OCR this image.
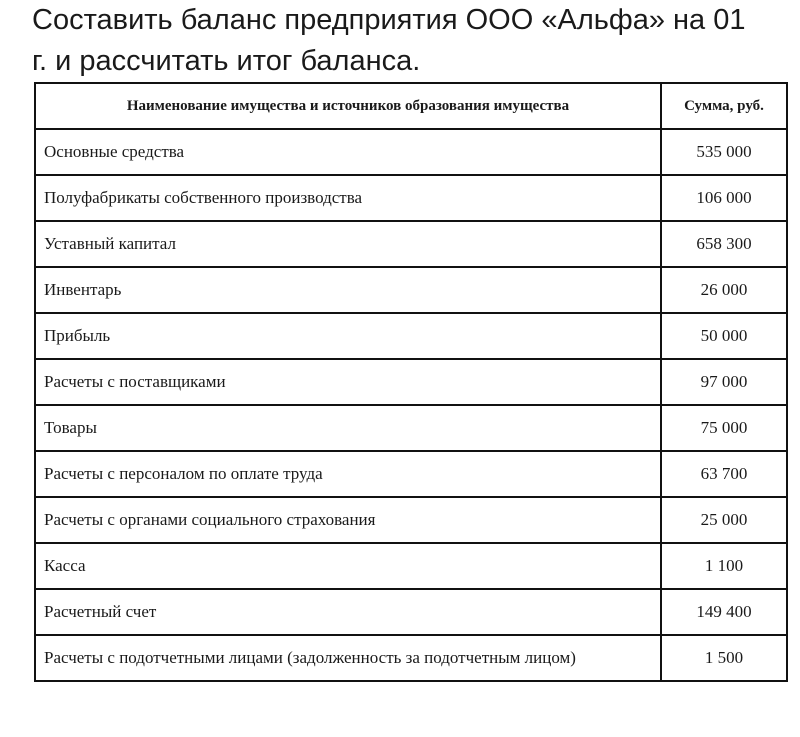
Составить баланс предприятия ООО «Альфа» на 01
г. и рассчитать итог баланса.
Наименование имущества и источников образования имущества	Сумма, руб.
Основные средства	535 000
Полуфабрикаты собственного производства	106 000
Уставный капитал	658 300
Инвентарь	26 000
Прибыль	50 000
Расчеты с поставщиками	97 000
Товары	75 000
Расчеты с персоналом по оплате труда	63 700
Расчеты с органами социального страхования	25 000
Касса	1 100
Расчетный счет	149 400
Расчеты с подотчетными лицами (задолженность за подотчетным лицом)	1 500
